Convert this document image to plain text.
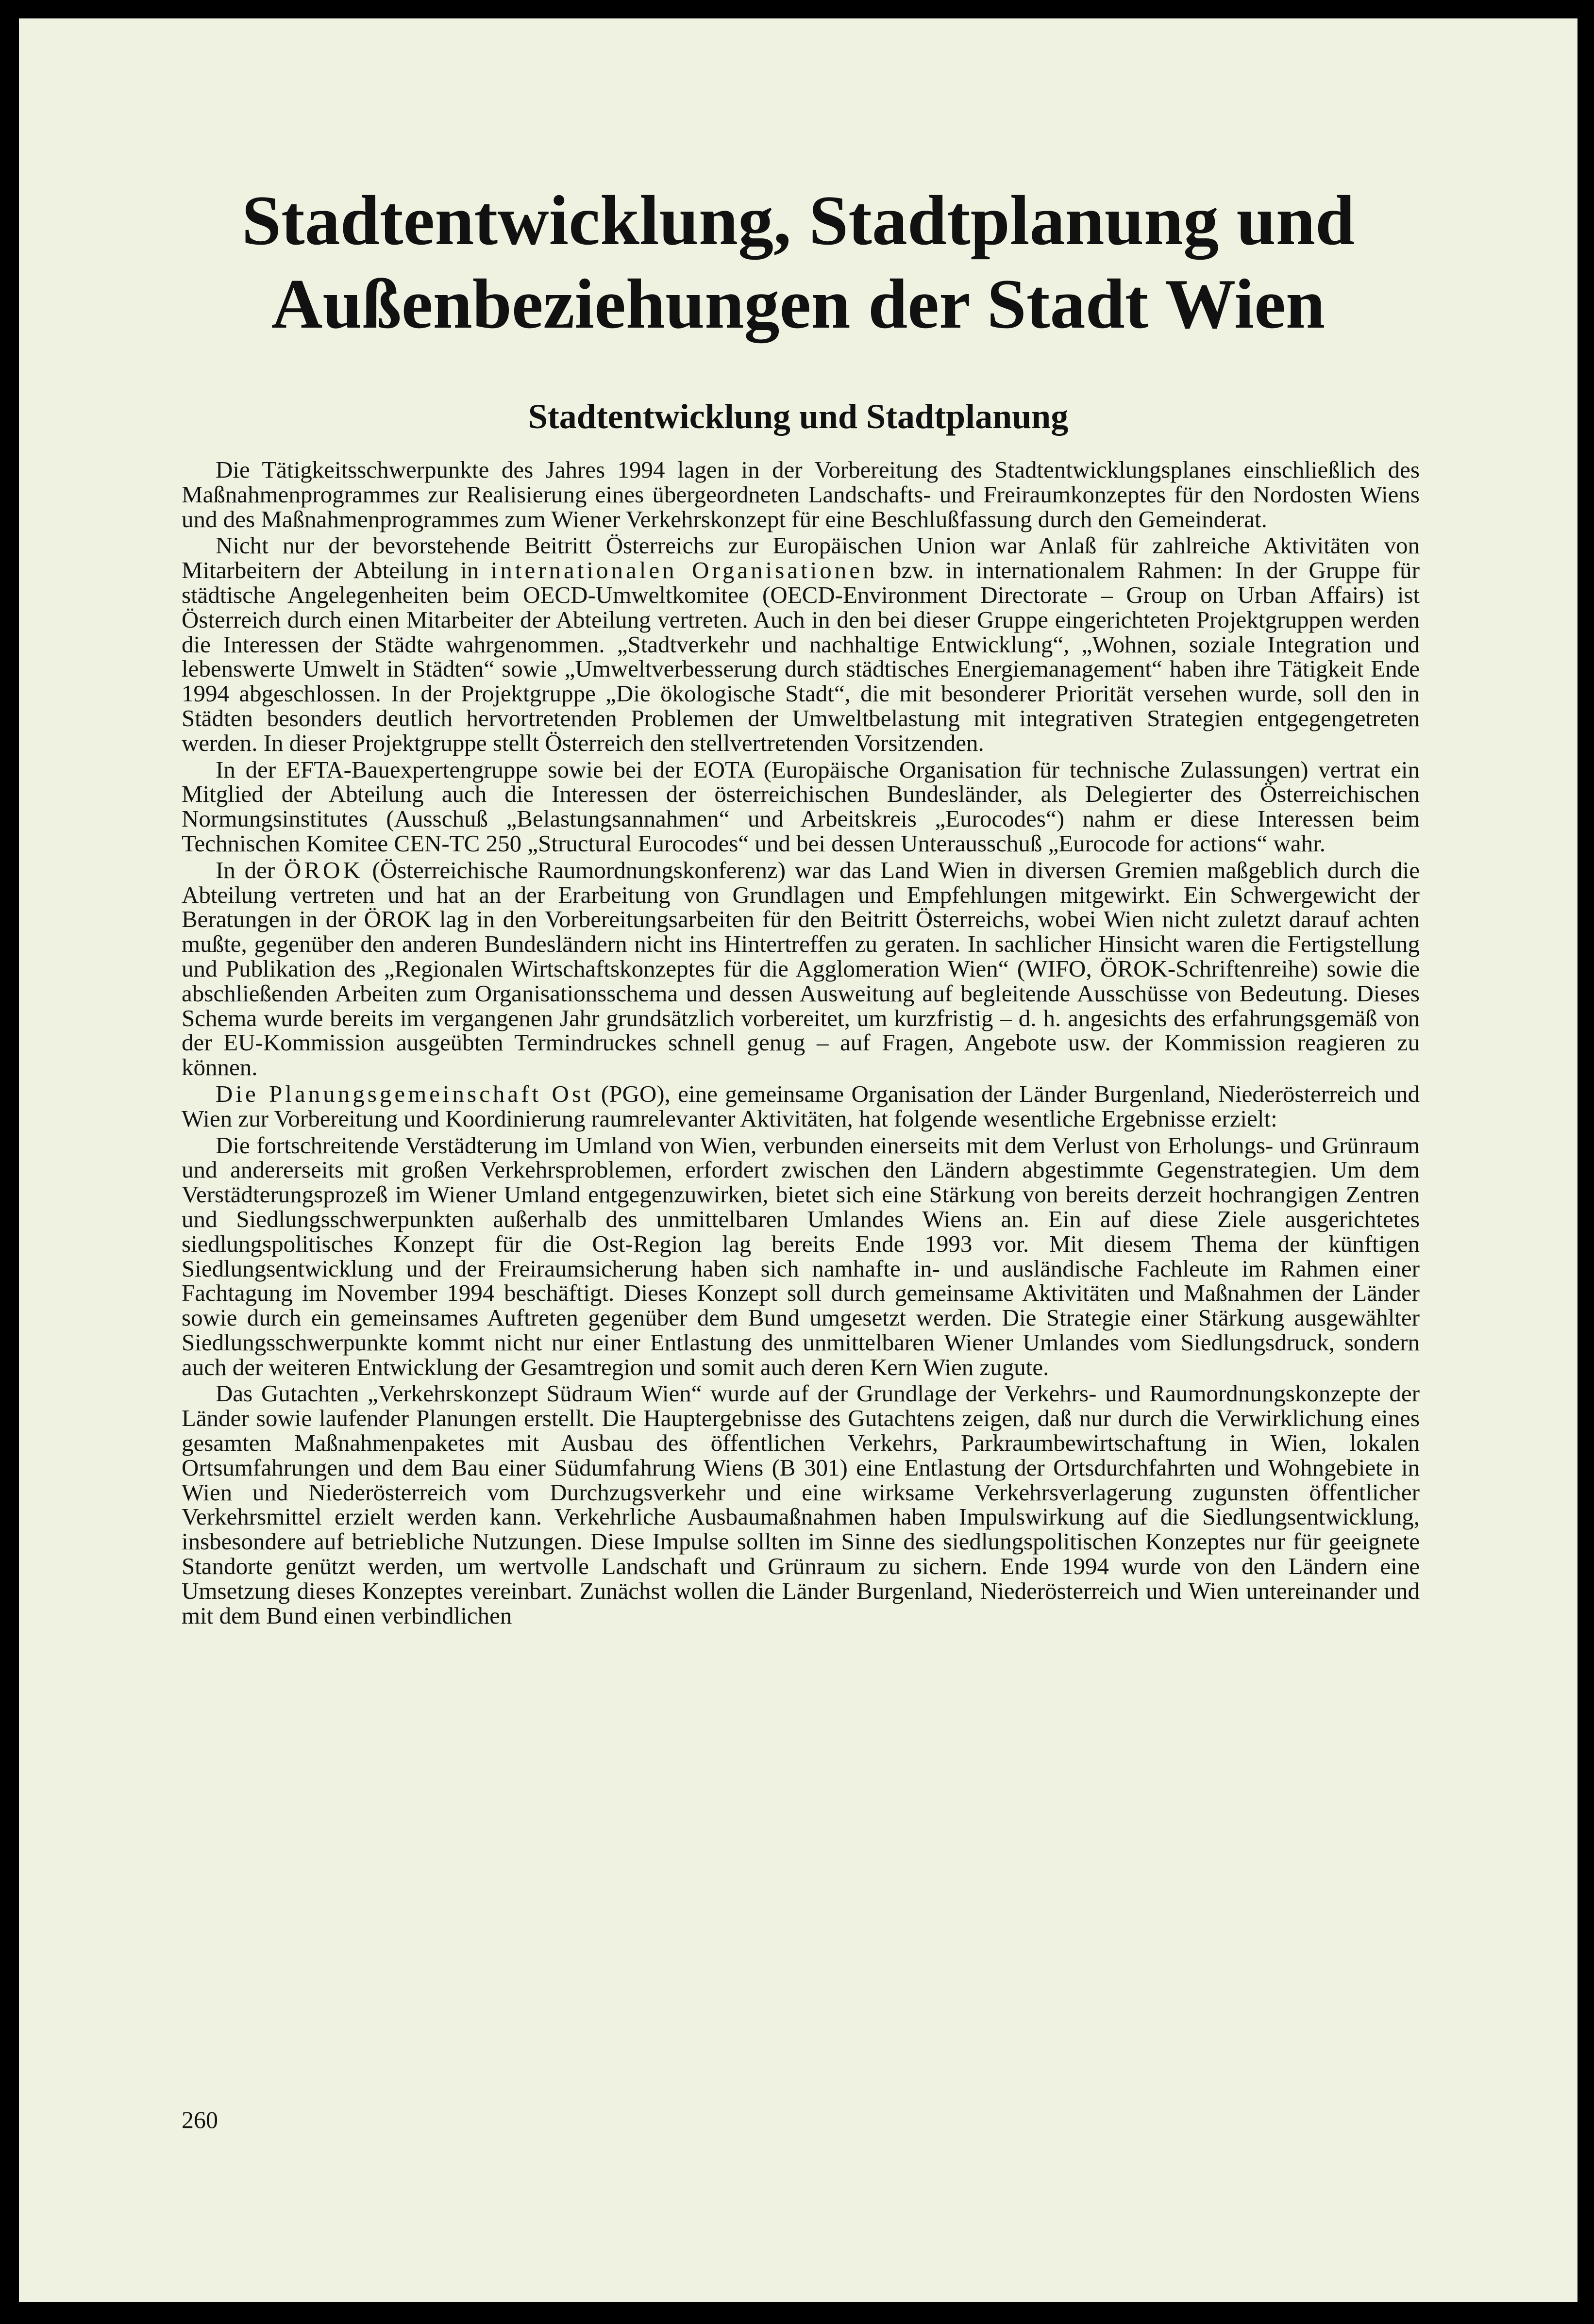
Stadtentwicklung, Stadtplanung und
Außenbeziehungen der Stadt Wien
Stadtentwicklung und Stadtplanung

Die Tätigkeitsschwerpunkte des Jahres 1994 lagen in der Vorbereitung des Stadtentwicklungsplanes einschließlich des Maßnahmenprogrammes zur Realisierung eines übergeordneten Landschafts- und Freiraumkonzeptes für den Nordosten Wiens und des Maßnahmenprogrammes zum Wiener Verkehrskonzept für eine Beschlußfassung durch den Gemeinderat.

Nicht nur der bevorstehende Beitritt Österreichs zur Europäischen Union war Anlaß für zahlreiche Aktivitäten von Mitarbeitern der Abteilung in internationalen Organisationen bzw. in internationalem Rahmen: In der Gruppe für städtische Angelegenheiten beim OECD-Umweltkomitee (OECD-Environment Directorate – Group on Urban Affairs) ist Österreich durch einen Mitarbeiter der Abteilung vertreten. Auch in den bei dieser Gruppe eingerichteten Projektgruppen werden die Interessen der Städte wahrgenommen. „Stadtverkehr und nachhaltige Entwicklung“, „Wohnen, soziale Integration und lebenswerte Umwelt in Städten“ sowie „Umweltverbesserung durch städtisches Energiemanagement“ haben ihre Tätigkeit Ende 1994 abgeschlossen. In der Projektgruppe „Die ökologische Stadt“, die mit besonderer Priorität versehen wurde, soll den in Städten besonders deutlich hervortretenden Problemen der Umweltbelastung mit integrativen Strategien entgegengetreten werden. In dieser Projektgruppe stellt Österreich den stellvertretenden Vorsitzenden.

In der EFTA-Bauexpertengruppe sowie bei der EOTA (Europäische Organisation für technische Zulassungen) vertrat ein Mitglied der Abteilung auch die Interessen der österreichischen Bundesländer, als Delegierter des Österreichischen Normungsinstitutes (Ausschuß „Belastungsannahmen“ und Arbeitskreis „Eurocodes“) nahm er diese Interessen beim Technischen Komitee CEN-TC 250 „Structural Eurocodes“ und bei dessen Unterausschuß „Eurocode for actions“ wahr.

In der ÖROK (Österreichische Raumordnungskonferenz) war das Land Wien in diversen Gremien maßgeblich durch die Abteilung vertreten und hat an der Erarbeitung von Grundlagen und Empfehlungen mitgewirkt. Ein Schwergewicht der Beratungen in der ÖROK lag in den Vorbereitungsarbeiten für den Beitritt Österreichs, wobei Wien nicht zuletzt darauf achten mußte, gegenüber den anderen Bundesländern nicht ins Hintertreffen zu geraten. In sachlicher Hinsicht waren die Fertigstellung und Publikation des „Regionalen Wirtschaftskonzeptes für die Agglomeration Wien“ (WIFO, ÖROK-Schriftenreihe) sowie die abschließenden Arbeiten zum Organisationsschema und dessen Ausweitung auf begleitende Ausschüsse von Bedeutung. Dieses Schema wurde bereits im vergangenen Jahr grundsätzlich vorbereitet, um kurzfristig – d. h. angesichts des erfahrungsgemäß von der EU-Kommission ausgeübten Termindruckes schnell genug – auf Fragen, Angebote usw. der Kommission reagieren zu können.

Die Planungsgemeinschaft Ost (PGO), eine gemeinsame Organisation der Länder Burgenland, Niederösterreich und Wien zur Vorbereitung und Koordinierung raumrelevanter Aktivitäten, hat folgende wesentliche Ergebnisse erzielt:

Die fortschreitende Verstädterung im Umland von Wien, verbunden einerseits mit dem Verlust von Erholungs- und Grünraum und andererseits mit großen Verkehrsproblemen, erfordert zwischen den Ländern abgestimmte Gegenstrategien. Um dem Verstädterungsprozeß im Wiener Umland entgegenzuwirken, bietet sich eine Stärkung von bereits derzeit hochrangigen Zentren und Siedlungsschwerpunkten außerhalb des unmittelbaren Umlandes Wiens an. Ein auf diese Ziele ausgerichtetes siedlungspolitisches Konzept für die Ost-Region lag bereits Ende 1993 vor. Mit diesem Thema der künftigen Siedlungsentwicklung und der Freiraumsicherung haben sich namhafte in- und ausländische Fachleute im Rahmen einer Fachtagung im November 1994 beschäftigt. Dieses Konzept soll durch gemeinsame Aktivitäten und Maßnahmen der Länder sowie durch ein gemeinsames Auftreten gegenüber dem Bund umgesetzt werden. Die Strategie einer Stärkung ausgewählter Siedlungsschwerpunkte kommt nicht nur einer Entlastung des unmittelbaren Wiener Umlandes vom Siedlungsdruck, sondern auch der weiteren Entwicklung der Gesamtregion und somit auch deren Kern Wien zugute.

Das Gutachten „Verkehrskonzept Südraum Wien“ wurde auf der Grundlage der Verkehrs- und Raumordnungskonzepte der Länder sowie laufender Planungen erstellt. Die Hauptergebnisse des Gutachtens zeigen, daß nur durch die Verwirklichung eines gesamten Maßnahmenpaketes mit Ausbau des öffentlichen Verkehrs, Parkraumbewirtschaftung in Wien, lokalen Ortsumfahrungen und dem Bau einer Südumfahrung Wiens (B 301) eine Entlastung der Ortsdurchfahrten und Wohngebiete in Wien und Niederösterreich vom Durchzugsverkehr und eine wirksame Verkehrsverlagerung zugunsten öffentlicher Verkehrsmittel erzielt werden kann. Verkehrliche Ausbaumaßnahmen haben Impulswirkung auf die Siedlungsentwicklung, insbesondere auf betriebliche Nutzungen. Diese Impulse sollten im Sinne des siedlungspolitischen Konzeptes nur für geeignete Standorte genützt werden, um wertvolle Landschaft und Grünraum zu sichern. Ende 1994 wurde von den Ländern eine Umsetzung dieses Konzeptes vereinbart. Zunächst wollen die Länder Burgenland, Niederösterreich und Wien untereinander und mit dem Bund einen verbindlichen

260
